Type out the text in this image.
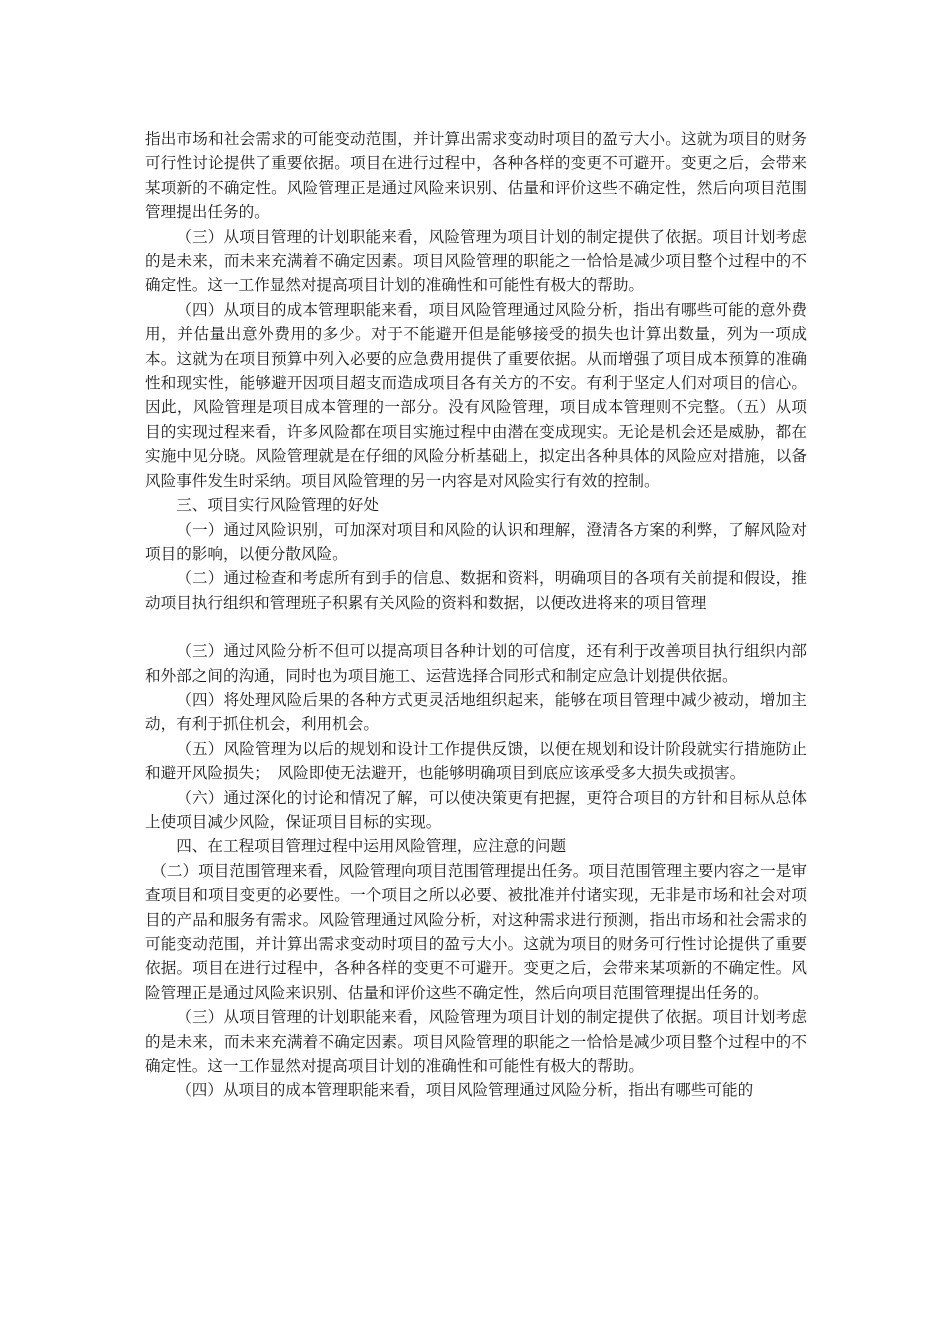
指出市场和社会需求的可能变动范围，并计算出需求变动时项目的盈亏大小。这就为项目的财务可行性讨论提供了重要依据。项目在进行过程中，各种各样的变更不可避开。变更之后，会带来某项新的不确定性。风险管理正是通过风险来识别、估量和评价这些不确定性，然后向项目范围管理提出任务的。

（三）从项目管理的计划职能来看，风险管理为项目计划的制定提供了依据。项目计划考虑的是未来，而未来充满着不确定因素。项目风险管理的职能之一恰恰是减少项目整个过程中的不确定性。这一工作显然对提高项目计划的准确性和可能性有极大的帮助。

（四）从项目的成本管理职能来看，项目风险管理通过风险分析，指出有哪些可能的意外费用，并估量出意外费用的多少。对于不能避开但是能够接受的损失也计算出数量，列为一项成本。这就为在项目预算中列入必要的应急费用提供了重要依据。从而增强了项目成本预算的准确性和现实性，能够避开因项目超支而造成项目各有关方的不安。有利于坚定人们对项目的信心。因此，风险管理是项目成本管理的一部分。没有风险管理，项目成本管理则不完整。（五）从项目的实现过程来看，许多风险都在项目实施过程中由潜在变成现实。无论是机会还是威胁，都在实施中见分晓。风险管理就是在仔细的风险分析基础上，拟定出各种具体的风险应对措施，以备风险事件发生时采纳。项目风险管理的另一内容是对风险实行有效的控制。

三、项目实行风险管理的好处

（一）通过风险识别，可加深对项目和风险的认识和理解，澄清各方案的利弊，了解风险对项目的影响，以便分散风险。

（二）通过检查和考虑所有到手的信息、数据和资料，明确项目的各项有关前提和假设，推动项目执行组织和管理班子积累有关风险的资料和数据，以便改进将来的项目管理

（三）通过风险分析不但可以提高项目各种计划的可信度，还有利于改善项目执行组织内部和外部之间的沟通，同时也为项目施工、运营选择合同形式和制定应急计划提供依据。

（四）将处理风险后果的各种方式更灵活地组织起来，能够在项目管理中减少被动，增加主动，有利于抓住机会，利用机会。

（五）风险管理为以后的规划和设计工作提供反馈，以便在规划和设计阶段就实行措施防止和避开风险损失；　风险即使无法避开，也能够明确项目到底应该承受多大损失或损害。

（六）通过深化的讨论和情况了解，可以使决策更有把握，更符合项目的方针和目标从总体上使项目减少风险，保证项目目标的实现。

四、在工程项目管理过程中运用风险管理，应注意的问题

（二）项目范围管理来看，风险管理向项目范围管理提出任务。项目范围管理主要内容之一是审查项目和项目变更的必要性。一个项目之所以必要、被批准并付诸实现，无非是市场和社会对项目的产品和服务有需求。风险管理通过风险分析，对这种需求进行预测，指出市场和社会需求的可能变动范围，并计算出需求变动时项目的盈亏大小。这就为项目的财务可行性讨论提供了重要依据。项目在进行过程中，各种各样的变更不可避开。变更之后，会带来某项新的不确定性。风险管理正是通过风险来识别、估量和评价这些不确定性，然后向项目范围管理提出任务的。

（三）从项目管理的计划职能来看，风险管理为项目计划的制定提供了依据。项目计划考虑的是未来，而未来充满着不确定因素。项目风险管理的职能之一恰恰是减少项目整个过程中的不确定性。这一工作显然对提高项目计划的准确性和可能性有极大的帮助。

（四）从项目的成本管理职能来看，项目风险管理通过风险分析，指出有哪些可能的
